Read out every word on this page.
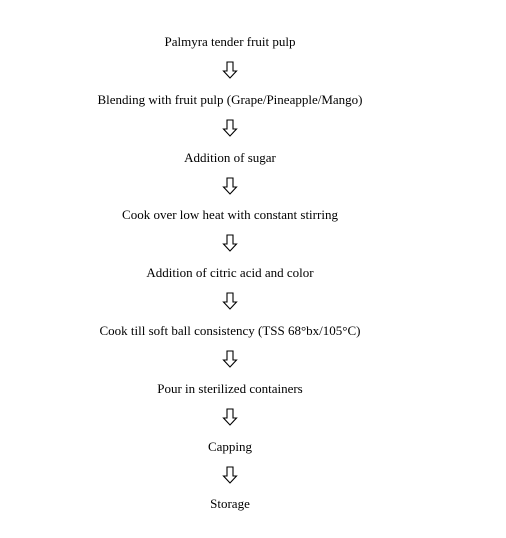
Palmyra tender fruit pulp
Blending with fruit pulp (Grape/Pineapple/Mango)
Addition of sugar
Cook over low heat with constant stirring
Addition of citric acid and color
Cook till soft ball consistency (TSS 68°bx/105°C)
Pour in sterilized containers
Capping
Storage
